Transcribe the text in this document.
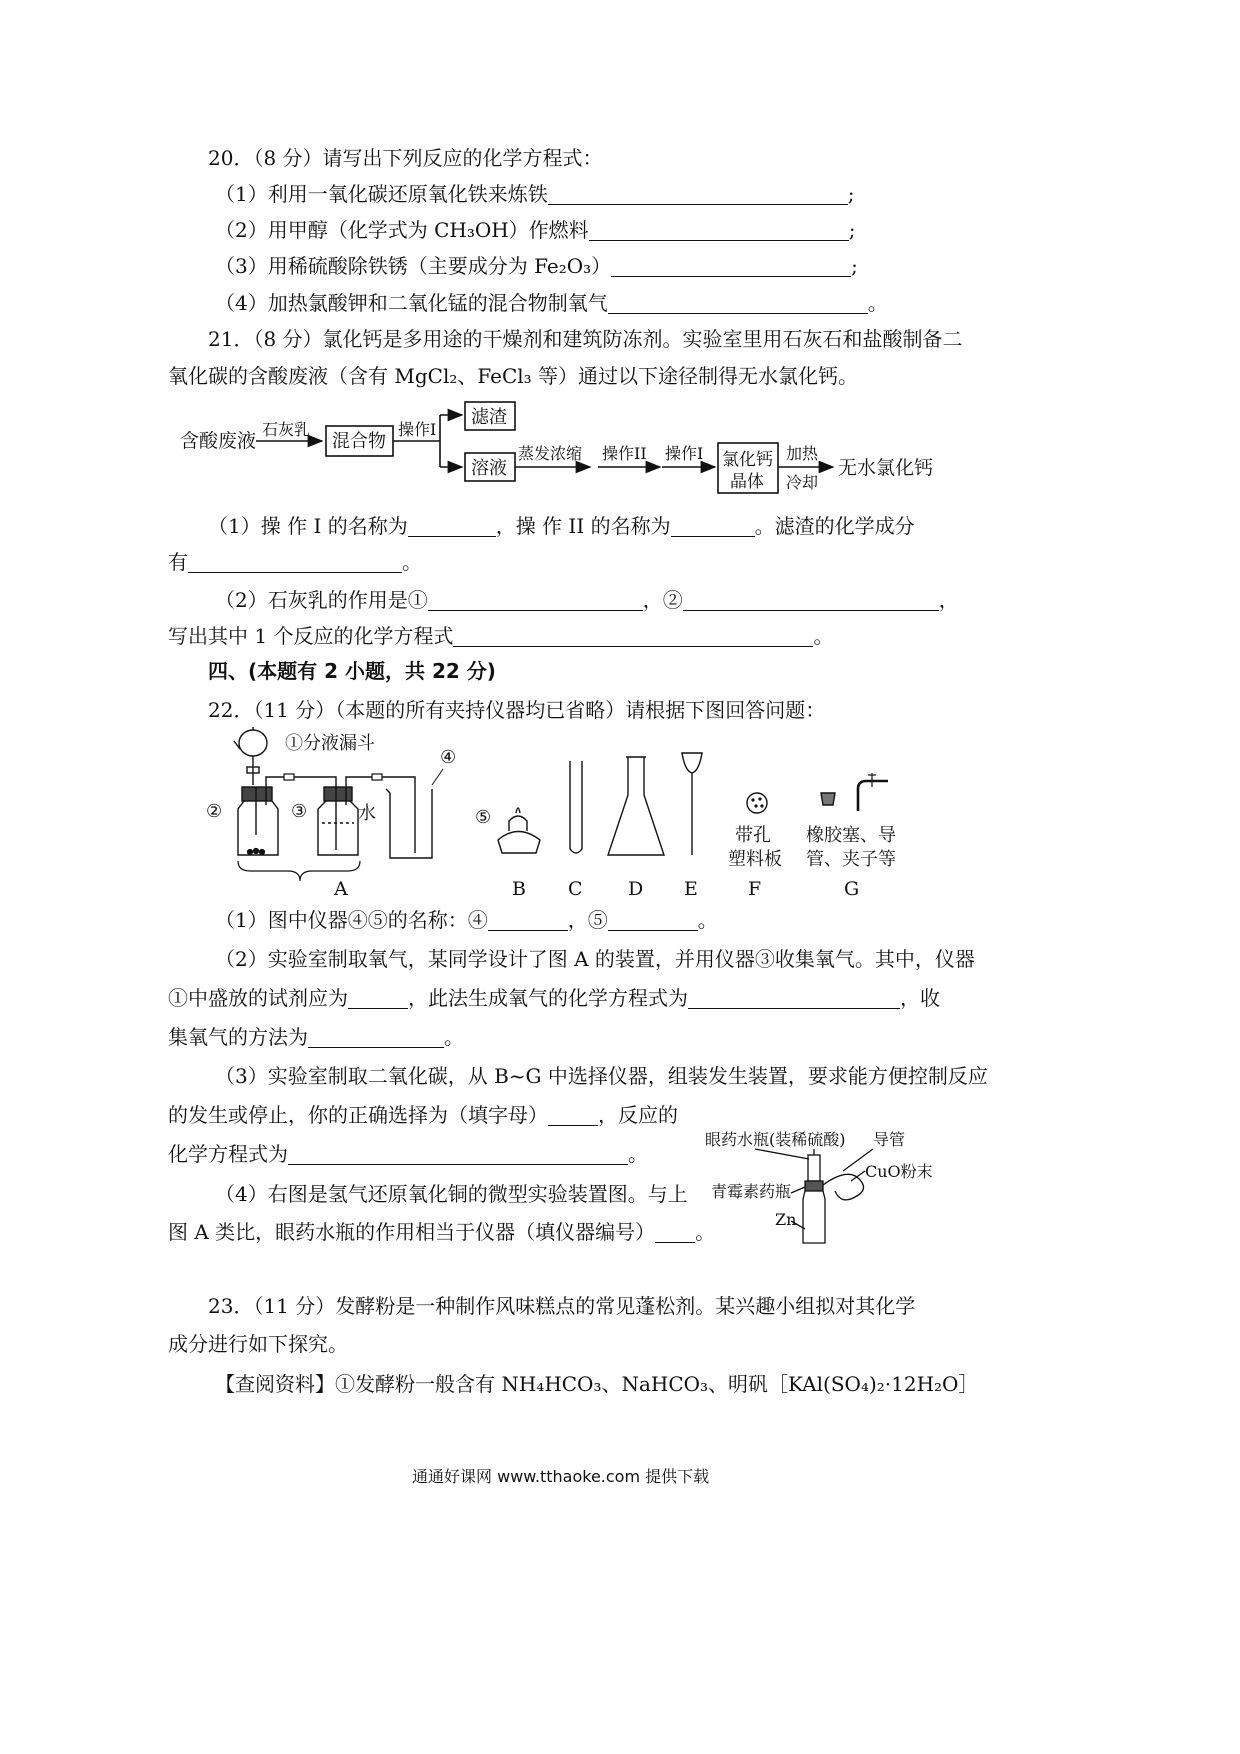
20．（8 分）请写出下列反应的化学方程式：
（1）利用一氧化碳还原氧化铁来炼铁	;
（2）用甲醇（化学式为 CH₃OH）作燃料	;
（3）用稀硫酸除铁锈（主要成分为 Fe₂O₃）	;
（4）加热氯酸钾和二氧化锰的混合物制氧气	。
21．（8 分）氯化钙是多用途的干燥剂和建筑防冻剂。实验室里用石灰石和盐酸制备二
氧化碳的含酸废液（含有 MgCl₂、FeCl₃ 等）通过以下途径制得无水氯化钙。
含酸废液
石灰乳
混合物
操作I
滤渣
溶液
蒸发浓缩 操作II 操作I 氯化钙
晶体
加热
冷却
无水氯化钙
（1）操 作 I 的名称为	，操 作 II 的名称为	。滤渣的化学成分
有	。
（2）石灰乳的作用是①	，②	，
写出其中 1 个反应的化学方程式	。
四、(本题有 2 小题，共 22 分)
22．（11 分）（本题的所有夹持仪器均已省略）请根据下图回答问题：
①分液漏斗
②	③	水
④
A
⑤
B C D E
带孔
塑料板
F
橡胶塞、导
管、夹子等
G
（1）图中仪器④⑤的名称：④	，⑤	。
（2）实验室制取氧气，某同学设计了图 A 的装置，并用仪器③收集氧气。其中，仪器
①中盛放的试剂应为	，此法生成氧气的化学方程式为	，收
集氧气的方法为	。
（3）实验室制取二氧化碳，从 B~G 中选择仪器，组装发生装置，要求能方便控制反应
的发生或停止，你的正确选择为（填字母）	，反应的
化学方程式为	。
（4）右图是氢气还原氧化铜的微型实验装置图。与上
图 A 类比，眼药水瓶的作用相当于仪器（填仪器编号） 。
眼药水瓶(装稀硫酸) 导管
CuO粉末
青霉素药瓶
Zn
23．（11 分）发酵粉是一种制作风味糕点的常见蓬松剂。某兴趣小组拟对其化学
成分进行如下探究。
【查阅资料】①发酵粉一般含有 NH₄HCO₃、NaHCO₃、明矾［KAl(SO₄)₂·12H₂O］
通通好课网 www.tthaoke.com 提供下载
